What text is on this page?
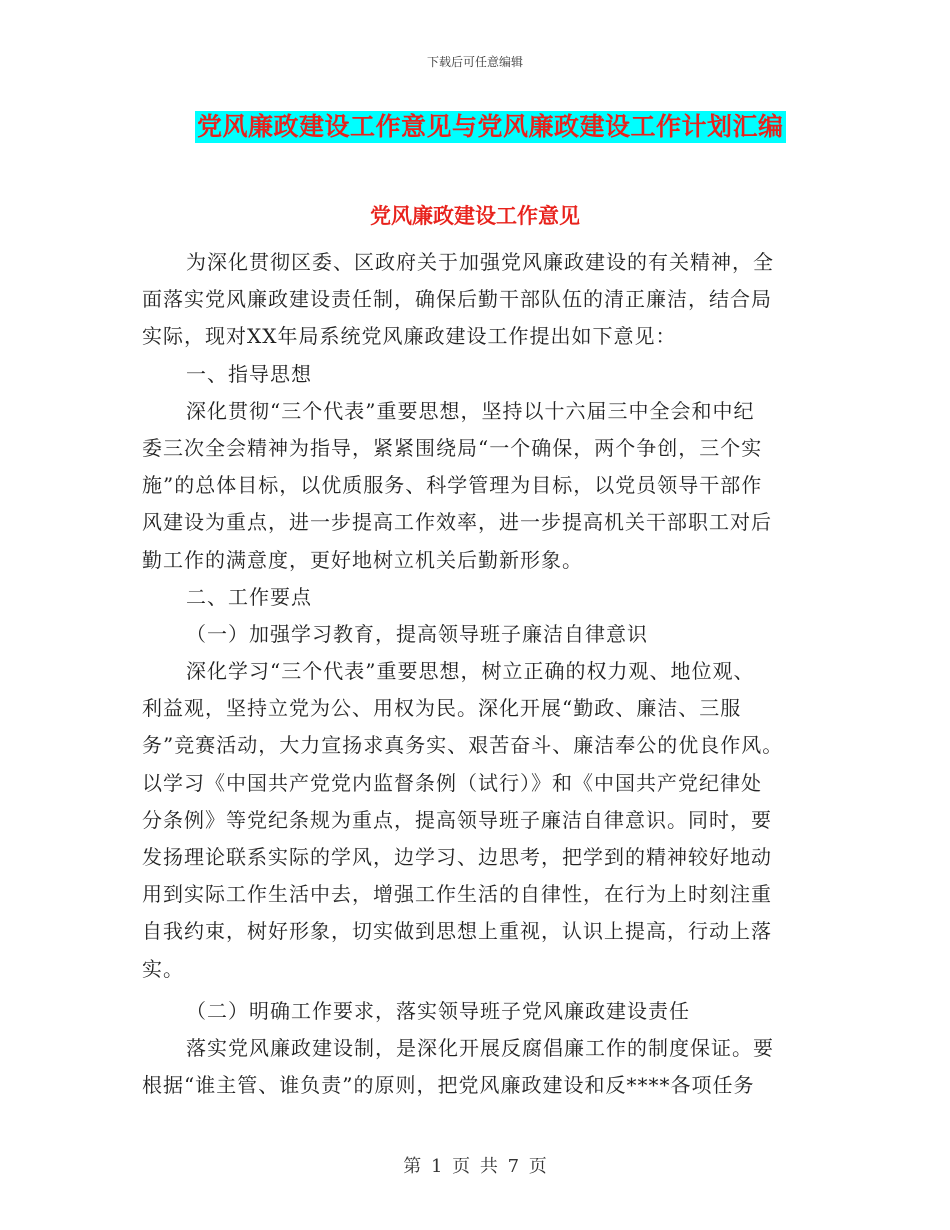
下载后可任意编辑
党风廉政建设工作意见与党风廉政建设工作计划汇编
党风廉政建设工作意见
为深化贯彻区委、区政府关于加强党风廉政建设的有关精神，全
面落实党风廉政建设责任制，确保后勤干部队伍的清正廉洁，结合局
实际，现对XX年局系统党风廉政建设工作提出如下意见：
一、指导思想
深化贯彻“三个代表”重要思想，坚持以十六届三中全会和中纪
委三次全会精神为指导，紧紧围绕局“一个确保，两个争创，三个实
施”的总体目标，以优质服务、科学管理为目标，以党员领导干部作
风建设为重点，进一步提高工作效率，进一步提高机关干部职工对后
勤工作的满意度，更好地树立机关后勤新形象。
二、工作要点
（一）加强学习教育，提高领导班子廉洁自律意识
深化学习“三个代表”重要思想，树立正确的权力观、地位观、
利益观，坚持立党为公、用权为民。深化开展“勤政、廉洁、三服
务”竞赛活动，大力宣扬求真务实、艰苦奋斗、廉洁奉公的优良作风。
以学习《中国共产党党内监督条例（试行）》和《中国共产党纪律处
分条例》等党纪条规为重点，提高领导班子廉洁自律意识。同时，要
发扬理论联系实际的学风，边学习、边思考，把学到的精神较好地动
用到实际工作生活中去，增强工作生活的自律性，在行为上时刻注重
自我约束，树好形象，切实做到思想上重视，认识上提高，行动上落
实。
（二）明确工作要求，落实领导班子党风廉政建设责任
落实党风廉政建设制，是深化开展反腐倡廉工作的制度保证。要
根据“谁主管、谁负责”的原则，把党风廉政建设和反****各项任务
第 1 页 共 7 页
